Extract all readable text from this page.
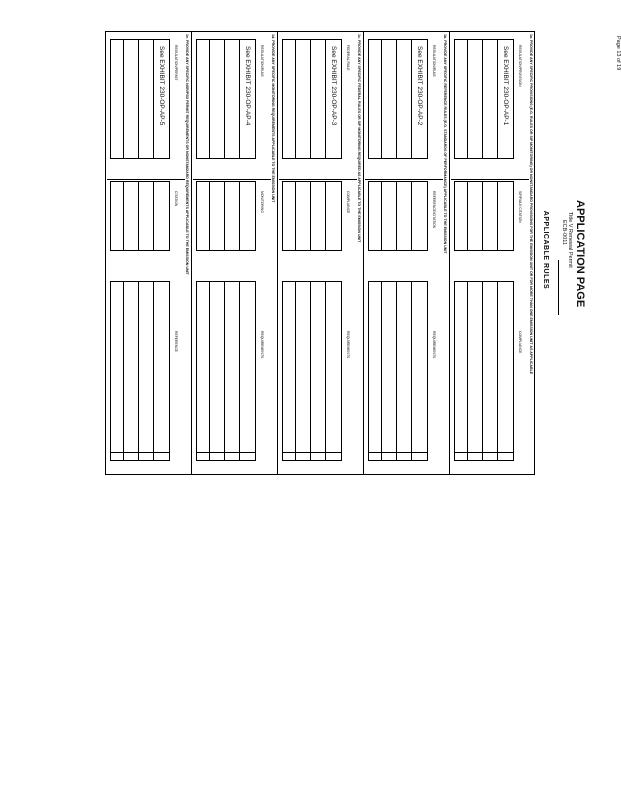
APPLICABLE RULES
1a. PROVIDE ANY SPECIFIC PROVISIONS (E.G. RULES OR SIP MONITORING) OR NONSTANDARD PROVISIONS FOR THE EMISSION UNIT OR FOR MORE THAN ONE EMISSION UNIT AS APPLICABLE
REGULATION/PROVISION
SIP/RULE CITATION
COMPLIANCE
See EXHIBIT 230-OP-AP-1
1b. PROVIDE ANY SPECIFIC REFERENCE RULES (E.G. STANDARDS OF PERFORMANCE) APPLICABLE TO THE EMISSION UNIT
REGULATION/RULE
REFERENCE/CITATION
REQUIREMENTS
See EXHIBIT 230-OP-AP-2
1c. PROVIDE ANY SPECIFIC FEDERAL RULES OR SIP MONITORING REQUIRED AS APPLICABLE TO THE EMISSION UNIT
FEDERAL RULE
COMPLIANCE
REQUIREMENTS
See EXHIBIT 230-OP-AP-3
1d. PROVIDE ANY SPECIFIC MONITORING REQUIREMENTS APPLICABLE TO THE EMISSION UNIT
REGULATION/RULE
MONITORING
REQUIREMENTS
See EXHIBIT 230-OP-AP-4
1e. PROVIDE ANY SPECIFIC NSR/PSD PERMIT REQUIREMENTS OR NONSTANDARD REQUIREMENTS APPLICABLE TO THE EMISSION UNIT
REGULATION/PERMIT
CITATION
REFERENCE
See EXHIBIT 230-OP-AP-5
APPLICATION PAGE
Title V Renewal Permit
ECB-0011
Page 13 of 19
